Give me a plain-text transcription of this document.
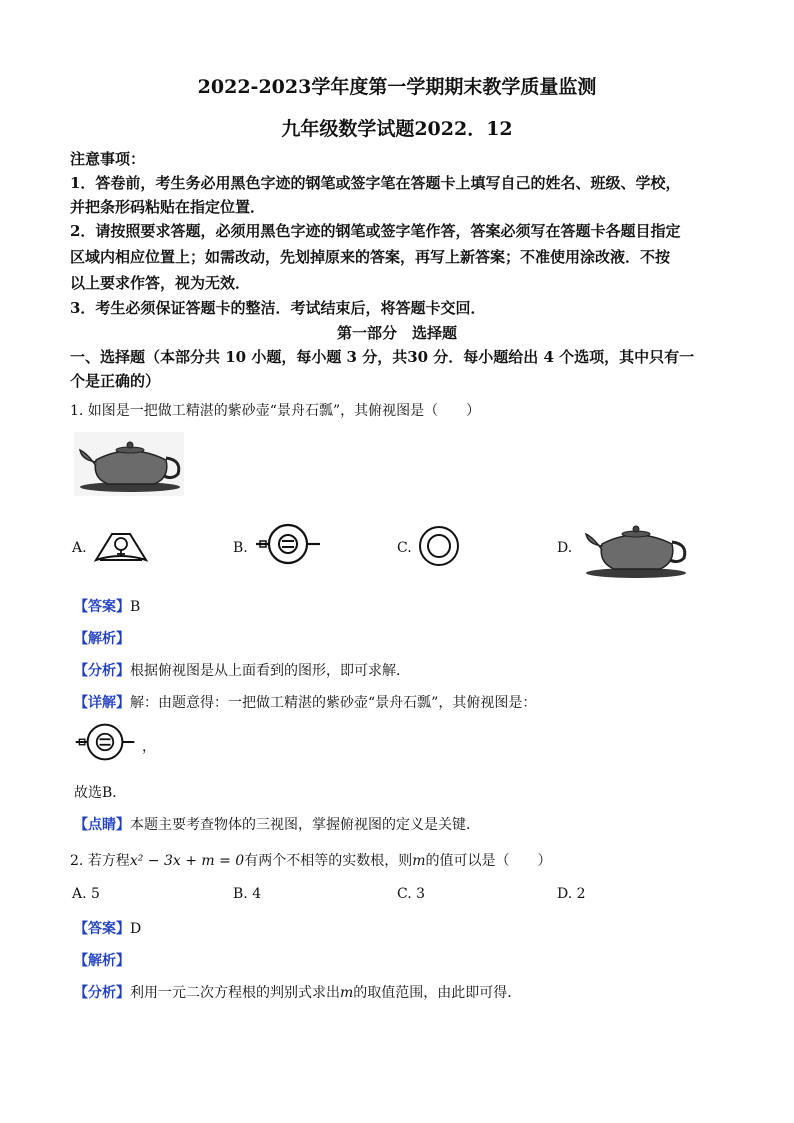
2022-2023学年度第一学期期末教学质量监测
九年级数学试题2022．12
注意事项：
1．答卷前，考生务必用黑色字迹的钢笔或签字笔在答题卡上填写自己的姓名、班级、学校，
并把条形码粘贴在指定位置．
2．请按照要求答题，必须用黑色字迹的钢笔或签字笔作答，答案必须写在答题卡各题目指定
区域内相应位置上；如需改动，先划掉原来的答案，再写上新答案；不准使用涂改液．不按
以上要求作答，视为无效．
3．考生必须保证答题卡的整洁．考试结束后，将答题卡交回．
第一部分　选择题
一、选择题（本部分共 10 小题，每小题 3 分，共30 分．每小题给出 4 个选项，其中只有一
个是正确的）
1. 如图是一把做工精湛的紫砂壶“景舟石瓢”，其俯视图是（　　）
A.	B.	C.	D.
【答案】B
【解析】
【分析】根据俯视图是从上面看到的图形，即可求解．
【详解】解：由题意得：一把做工精湛的紫砂壶“景舟石瓢”，其俯视图是：
，
故选B．
【点睛】本题主要考查物体的三视图，掌握俯视图的定义是关键．
2. 若方程x² − 3x + m = 0有两个不相等的实数根，则m的值可以是（　　）
A. 5	B. 4	C. 3	D. 2
【答案】D
【解析】
【分析】利用一元二次方程根的判别式求出m的取值范围，由此即可得．
